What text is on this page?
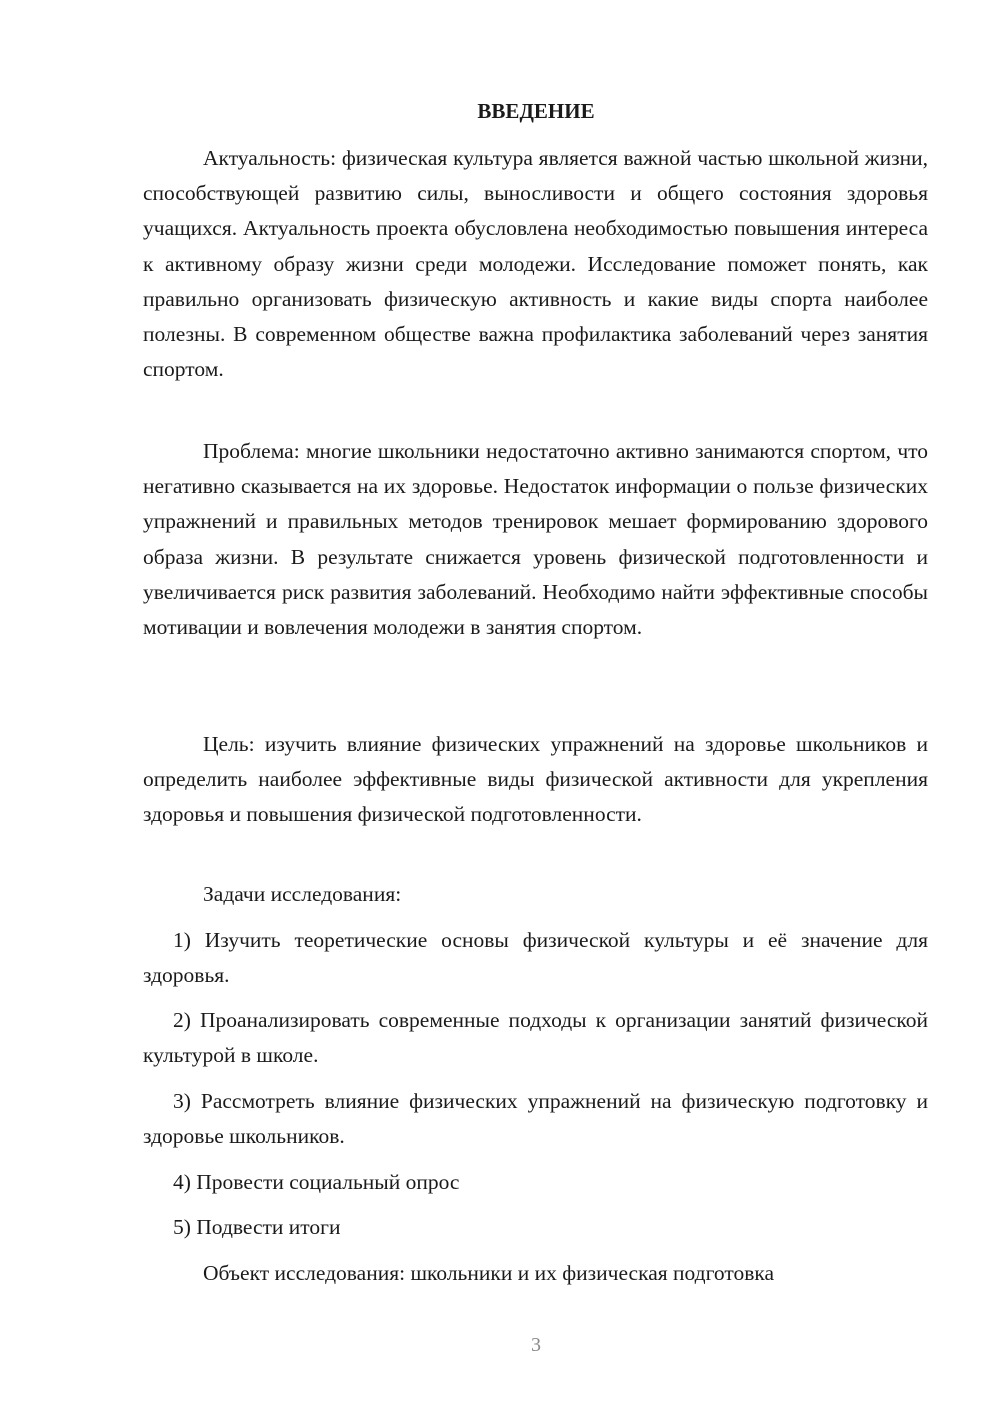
ВВЕДЕНИЕ

Актуальность: физическая культура является важной частью школьной жизни, способствующей развитию силы, выносливости и общего состояния здоровья учащихся. Актуальность проекта обусловлена необходимостью повышения интереса к активному образу жизни среди молодежи. Исследование поможет понять, как правильно организовать физическую активность и какие виды спорта наиболее полезны. В современном обществе важна профилактика заболеваний через занятия спортом.

Проблема: многие школьники недостаточно активно занимаются спортом, что негативно сказывается на их здоровье. Недостаток информации о пользе физических упражнений и правильных методов тренировок мешает формированию здорового образа жизни. В результате снижается уровень физической подготовленности и увеличивается риск развития заболеваний. Необходимо найти эффективные способы мотивации и вовлечения молодежи в занятия спортом.

Цель: изучить влияние физических упражнений на здоровье школьников и определить наиболее эффективные виды физической активности для укрепления здоровья и повышения физической подготовленности.

Задачи исследования:

1) Изучить теоретические основы физической культуры и её значение для здоровья.

2) Проанализировать современные подходы к организации занятий физической культурой в школе.

3) Рассмотреть влияние физических упражнений на физическую подготовку и здоровье школьников.

4) Провести социальный опрос

5) Подвести итоги

Объект исследования: школьники и их физическая подготовка

3
